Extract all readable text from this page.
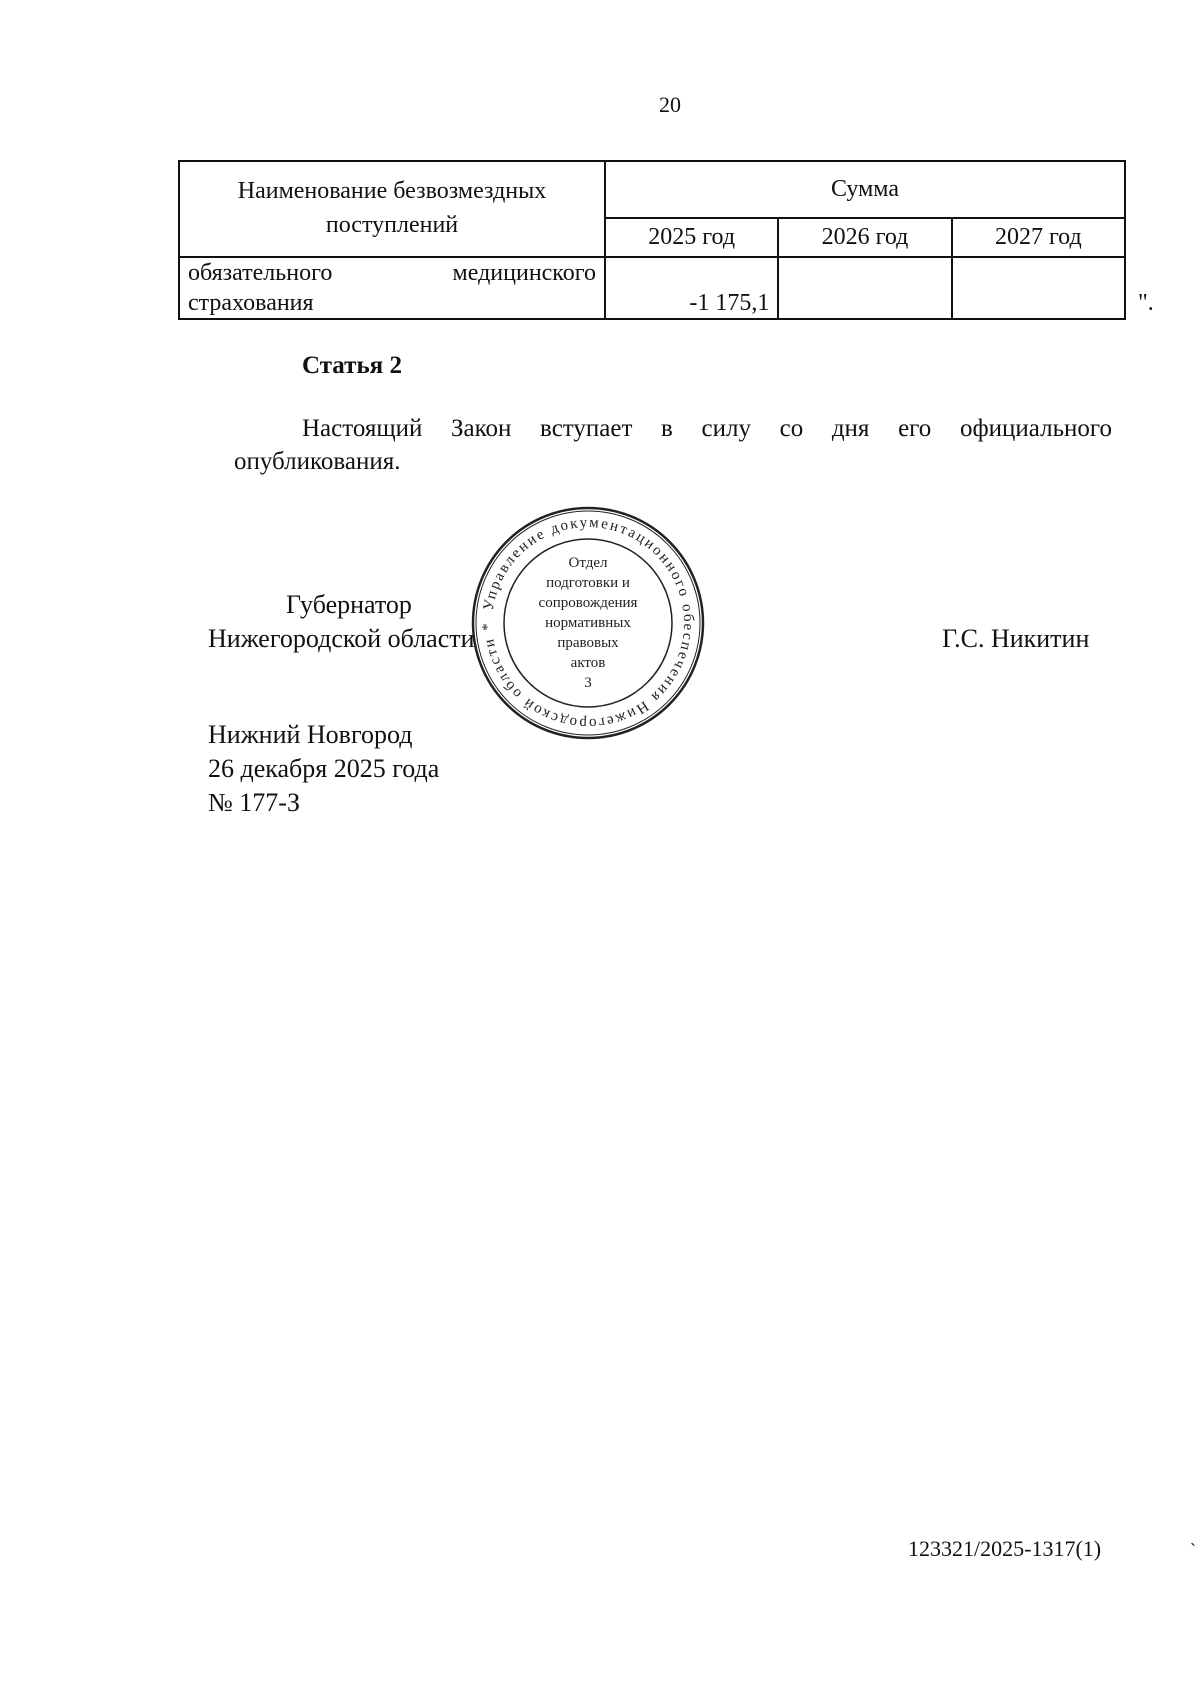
20
Наименование безвозмездных поступлений	Сумма		
	2025 год	2026 год	2027 год

обязательного медицинского
страхования	-1 175,1			".
Статья 2
Настоящий Закон вступает в силу со дня его официального
опубликования.
Губернатор
Нижегородской области	Г.С. Никитин
Управление документационного обеспечения Нижегородской области *
Отдел
подготовки и
сопровождения
нормативных
правовых
актов
3
Нижний Новгород
26 декабря 2025 года
№ 177-З
123321/2025-1317(1)	`
